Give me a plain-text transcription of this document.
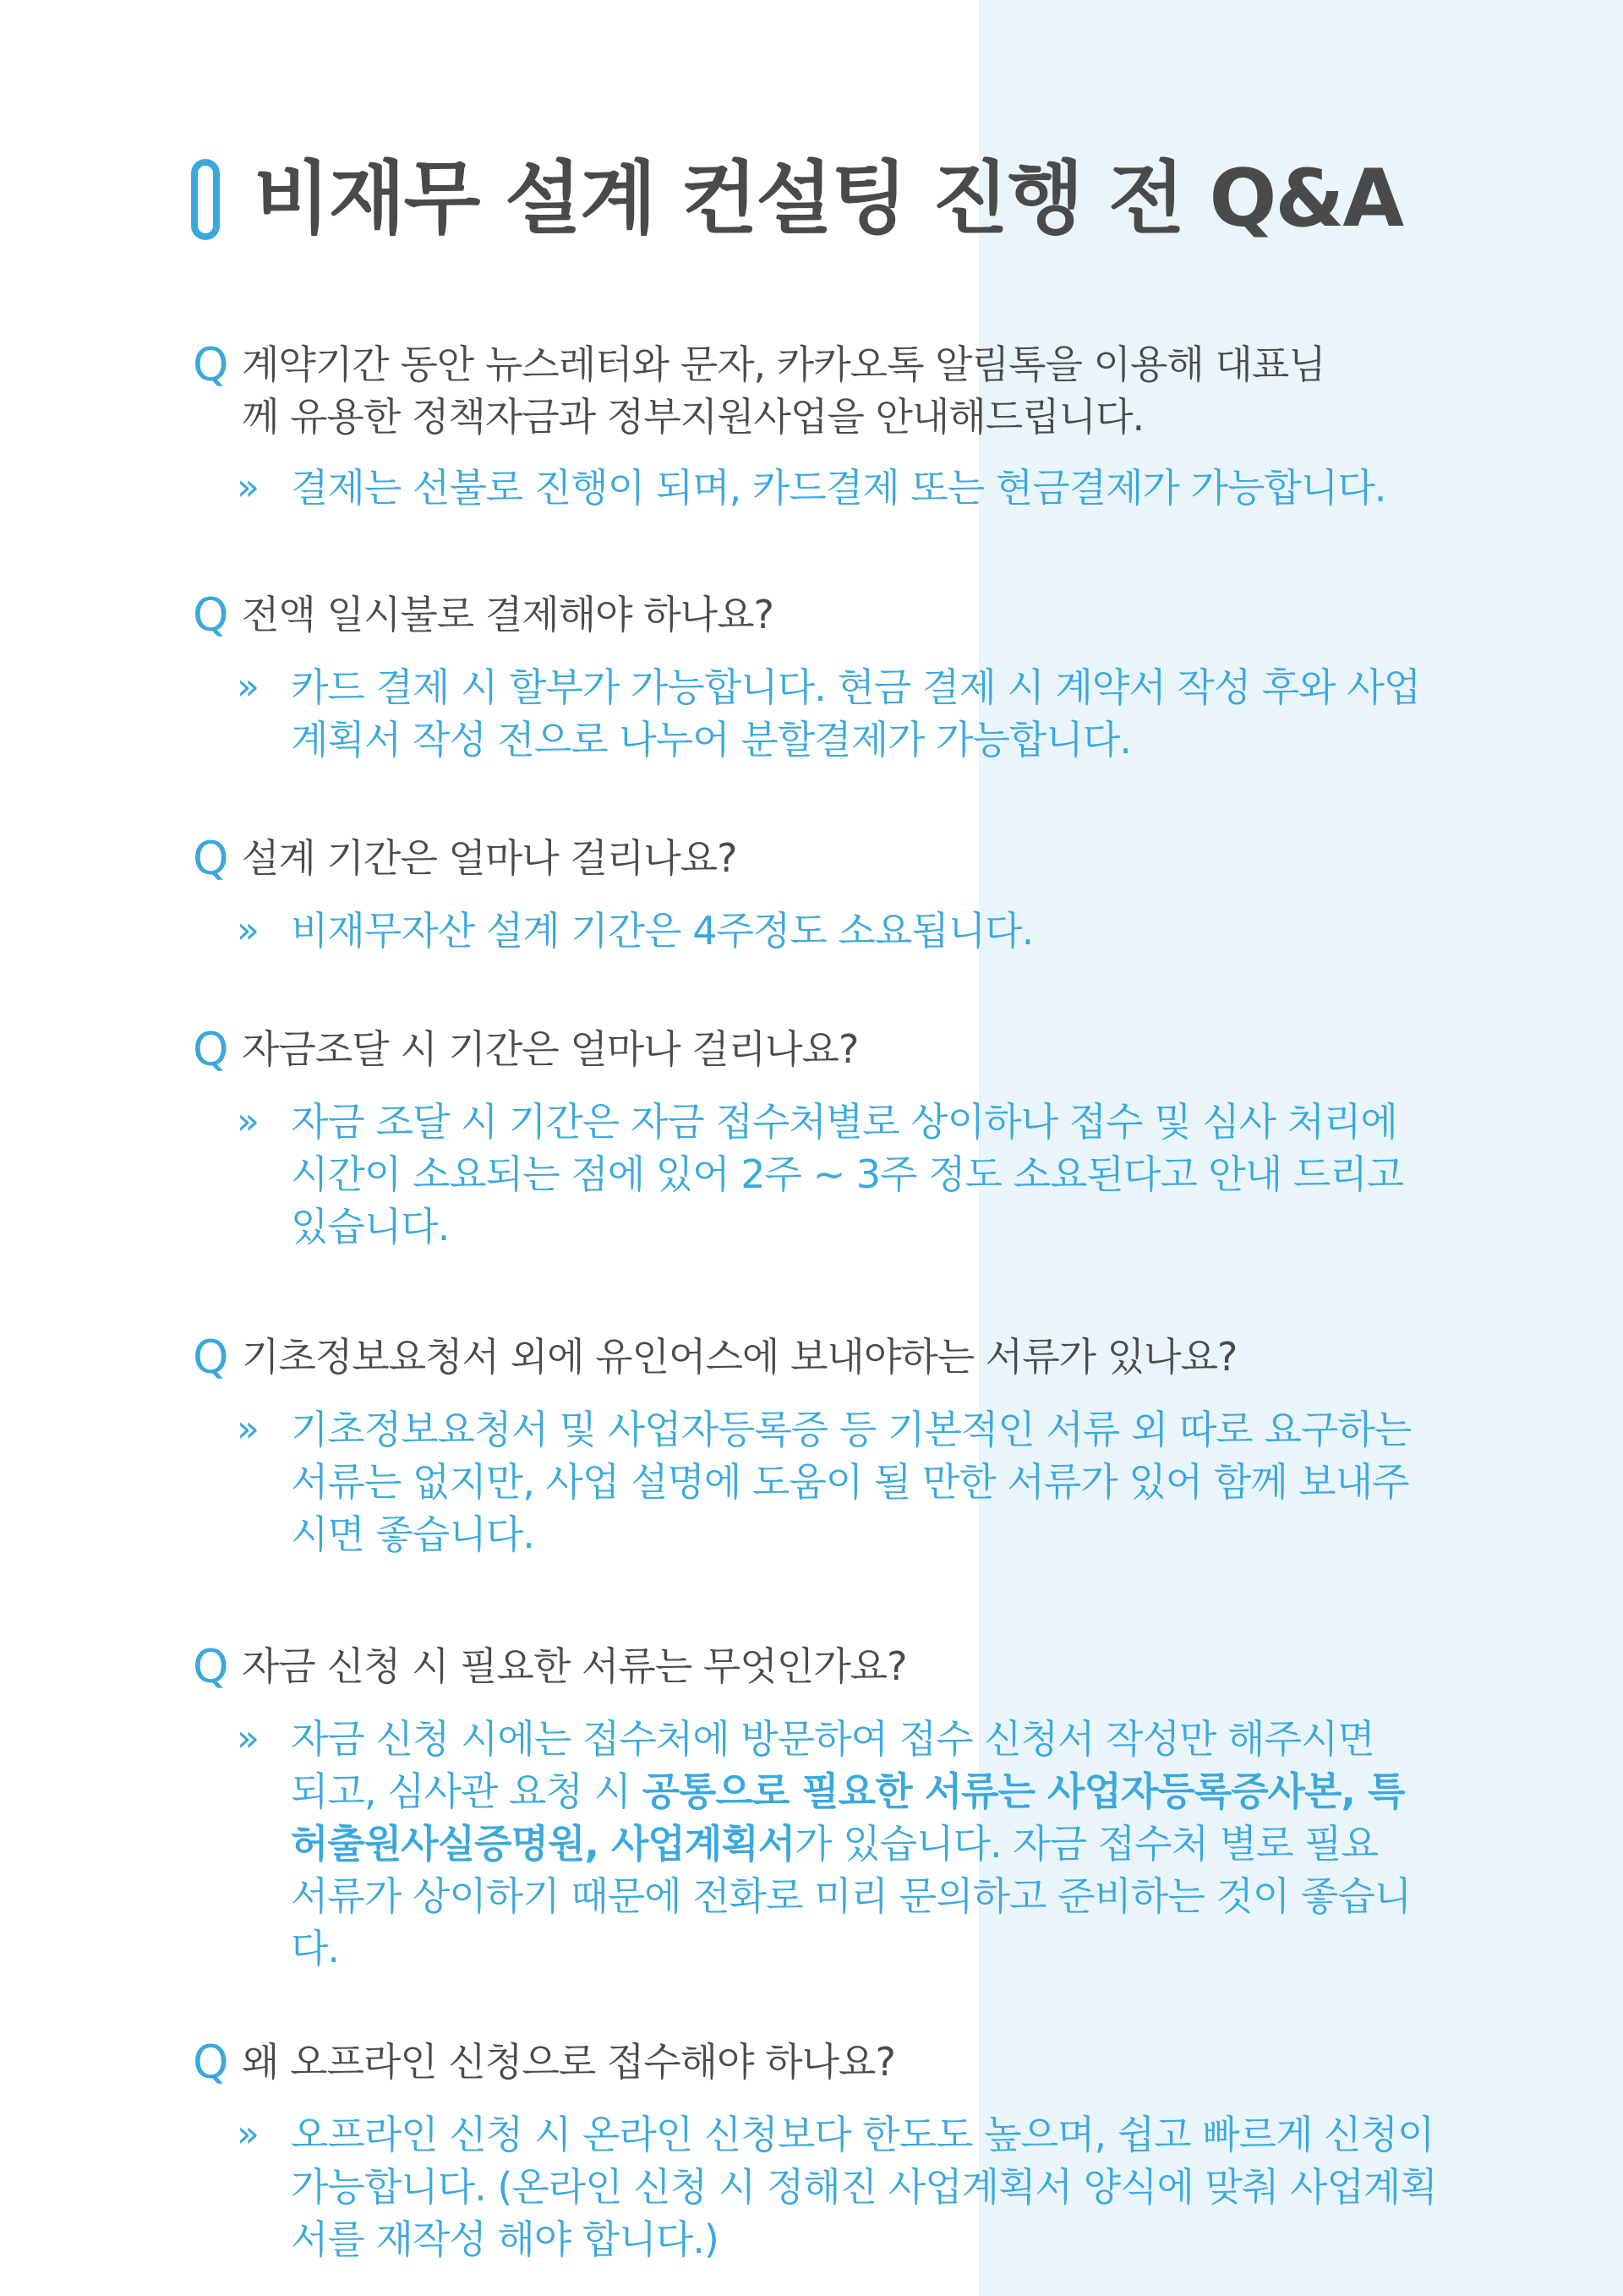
비재무 설계 컨설팅 진행 전 Q&A
Q 계약기간 동안 뉴스레터와 문자, 카카오톡 알림톡을 이용해 대표님
께 유용한 정책자금과 정부지원사업을 안내해드립니다.
» 결제는 선불로 진행이 되며, 카드결제 또는 현금결제가 가능합니다.
Q 전액 일시불로 결제해야 하나요?
» 카드 결제 시 할부가 가능합니다. 현금 결제 시 계약서 작성 후와 사업
계획서 작성 전으로 나누어 분할결제가 가능합니다.
Q 설계 기간은 얼마나 걸리나요?
» 비재무자산 설계 기간은 4주정도 소요됩니다.
Q 자금조달 시 기간은 얼마나 걸리나요?
» 자금 조달 시 기간은 자금 접수처별로 상이하나 접수 및 심사 처리에
시간이 소요되는 점에 있어 2주 ~ 3주 정도 소요된다고 안내 드리고
있습니다.
Q 기초정보요청서 외에 유인어스에 보내야하는 서류가 있나요?
» 기초정보요청서 및 사업자등록증 등 기본적인 서류 외 따로 요구하는
서류는 없지만, 사업 설명에 도움이 될 만한 서류가 있어 함께 보내주
시면 좋습니다.
Q 자금 신청 시 필요한 서류는 무엇인가요?
» 자금 신청 시에는 접수처에 방문하여 접수 신청서 작성만 해주시면
되고, 심사관 요청 시 공통으로 필요한 서류는 사업자등록증사본, 특
허출원사실증명원, 사업계획서가 있습니다. 자금 접수처 별로 필요
서류가 상이하기 때문에 전화로 미리 문의하고 준비하는 것이 좋습니
다.
Q 왜 오프라인 신청으로 접수해야 하나요?
» 오프라인 신청 시 온라인 신청보다 한도도 높으며, 쉽고 빠르게 신청이
가능합니다. (온라인 신청 시 정해진 사업계획서 양식에 맞춰 사업계획
서를 재작성 해야 합니다.)
